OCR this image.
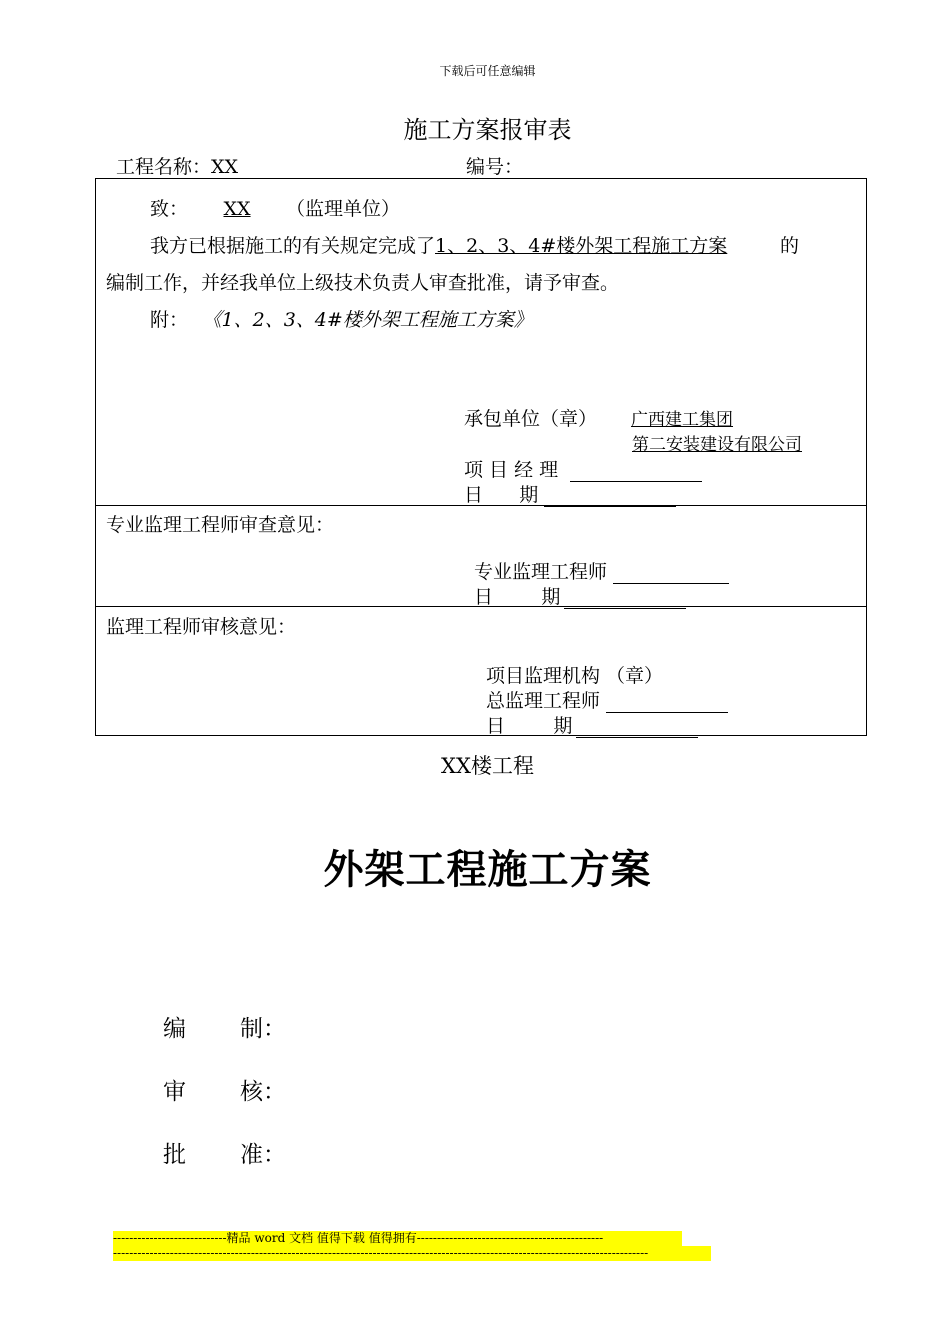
下载后可任意编辑
施工方案报审表
工程名称：XX	编号：
致： XX （监理单位）
我方已根据施工的有关规定完成了1、2、3、4#楼外架工程施工方案	的
编制工作，并经我单位上级技术负责人审查批准，请予审查。
附： 《1、2、3、4#楼外架工程施工方案》
承包单位（章） 广西建工集团
第二安装建设有限公司
项 目 经 理
日      期
专业监理工程师审查意见：
专业监理工程师
日        期
监理工程师审核意见：
项目监理机构 （章）
总监理工程师
日        期
XX楼工程
外架工程施工方案
编 制：
审 核：
批 准：
----------------------------精品 word 文档 值得下载 值得拥有----------------------------------------------
------------------------------------------------------------------------------------------------------------------------------------
